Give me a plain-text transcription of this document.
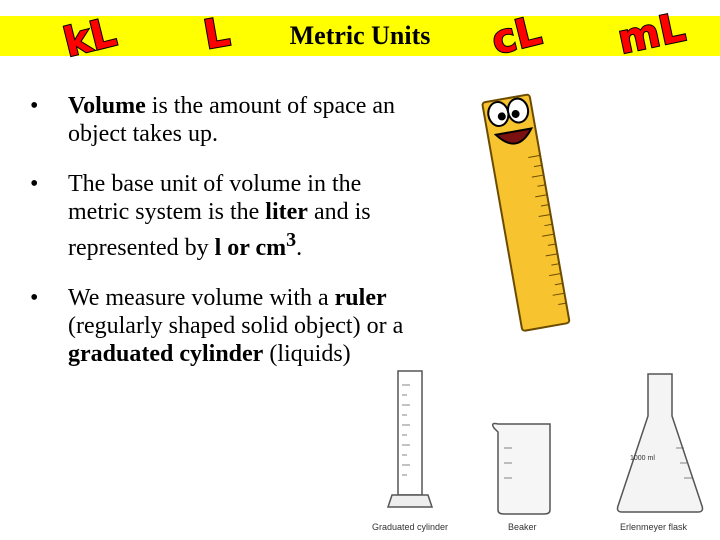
Metric Units
kL L	cL mL
• Volume is the amount of space an object takes up.

• The base unit of volume in the metric system is the liter and is represented by l or $cm^3$.

• We measure volume with a ruler (regularly shaped solid object) or a graduated cylinder (liquids)

Graduated cylinder	Beaker
1000 ml
Erlenmeyer flask
